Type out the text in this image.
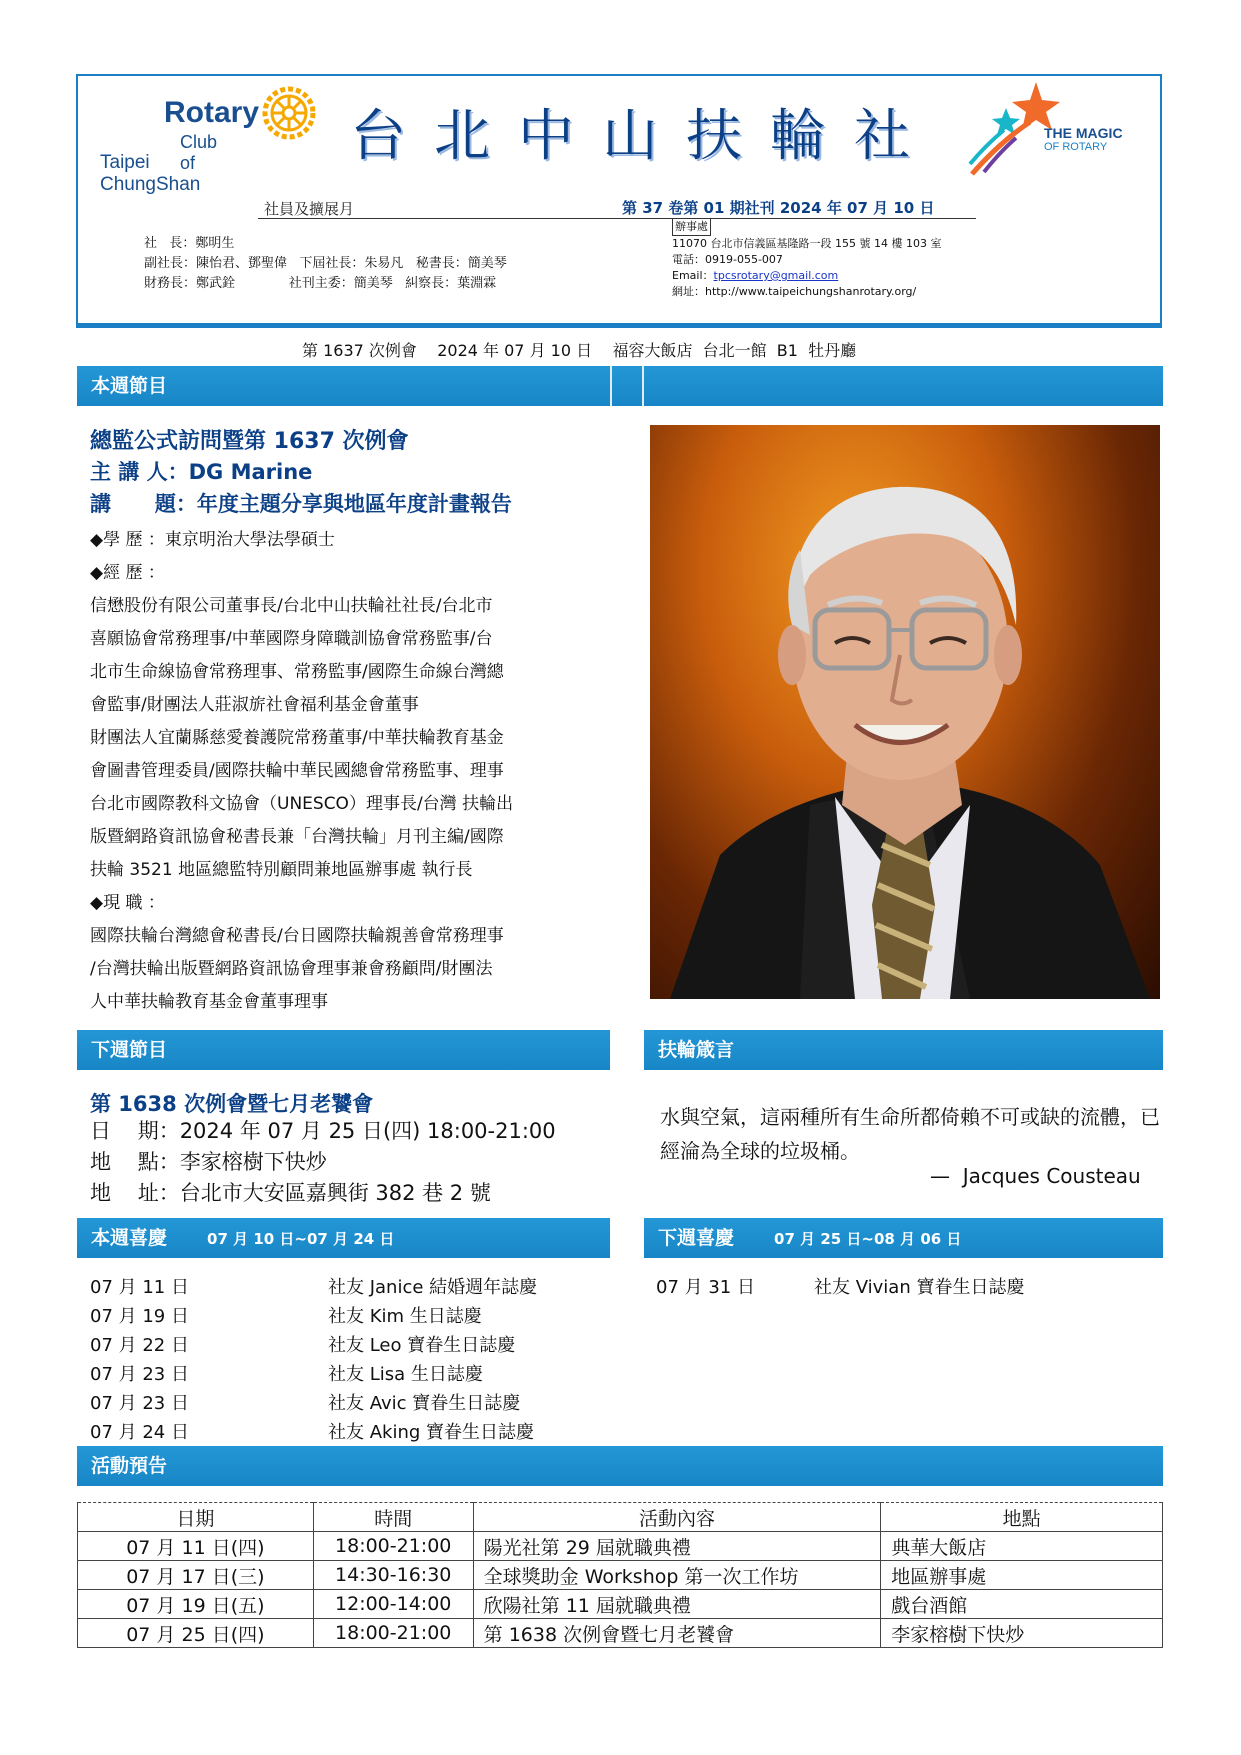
Rotary
Club of
Taipei ChungShan
台北中山扶輪社	THE MAGIC
OF ROTARY
社員及擴展月	第 37 卷第 01 期社刊 2024 年 07 月 10 日
社   長：鄭明生
副社長：陳怡君、鄧聖偉   下屆社長：朱易凡   秘書長：簡美琴
財務長：鄭武銓             社刊主委：簡美琴   糾察長：葉淵霖
辦事處
11070 台北市信義區基隆路一段 155 號 14 樓 103 室
電話：0919-055-007
Email：tpcsrotary@gmail.com
網址：http://www.taipeichungshanrotary.org/
第 1637 次例會    2024 年 07 月 10 日    福容大飯店  台北一館  B1  牡丹廳
本週節目
總監公式訪問暨第 1637 次例會
主 講 人：DG Marine
講      題：年度主題分享與地區年度計畫報告
◆學 歷 ：東京明治大學法學碩士
◆經 歷 ：
信懋股份有限公司董事長/台北中山扶輪社社長/台北市
喜願協會常務理事/中華國際身障職訓協會常務監事/台
北市生命線協會常務理事、常務監事/國際生命線台灣總
會監事/財團法人莊淑旂社會福利基金會董事
財團法人宜蘭縣慈愛養護院常務董事/中華扶輪教育基金
會圖書管理委員/國際扶輪中華民國總會常務監事、理事
台北市國際教科文協會（UNESCO）理事長/台灣 扶輪出
版暨網路資訊協會秘書長兼「台灣扶輪」月刊主編/國際
扶輪 3521 地區總監特別顧問兼地區辦事處 執行長
◆現 職 ：
國際扶輪台灣總會秘書長/台日國際扶輪親善會常務理事
/台灣扶輪出版暨網路資訊協會理事兼會務顧問/財團法
人中華扶輪教育基金會董事理事
下週節目	扶輪箴言
第 1638 次例會暨七月老饕會
日    期：2024 年 07 月 25 日(四) 18:00-21:00
地    點：李家榕樹下快炒
地    址：台北市大安區嘉興街 382 巷 2 號
水與空氣，這兩種所有生命所都倚賴不可或缺的流體，已經淪為全球的垃圾桶。
—  Jacques Cousteau
本週喜慶	07 月 10 日~07 月 24 日	下週喜慶	07 月 25 日~08 月 06 日
07 月 11 日	社友 Janice 結婚週年誌慶
07 月 19 日	社友 Kim 生日誌慶
07 月 22 日	社友 Leo 寶眷生日誌慶
07 月 23 日	社友 Lisa 生日誌慶
07 月 23 日	社友 Avic 寶眷生日誌慶
07 月 24 日	社友 Aking 寶眷生日誌慶
07 月 31 日	社友 Vivian 寶眷生日誌慶
活動預告
日期	時間	活動內容	地點
07 月 11 日(四)	18:00-21:00	陽光社第 29 屆就職典禮	典華大飯店
07 月 17 日(三)	14:30-16:30	全球獎助金 Workshop 第一次工作坊	地區辦事處
07 月 19 日(五)	12:00-14:00	欣陽社第 11 屆就職典禮	戲台酒館
07 月 25 日(四)	18:00-21:00	第 1638 次例會暨七月老饕會	李家榕樹下快炒
